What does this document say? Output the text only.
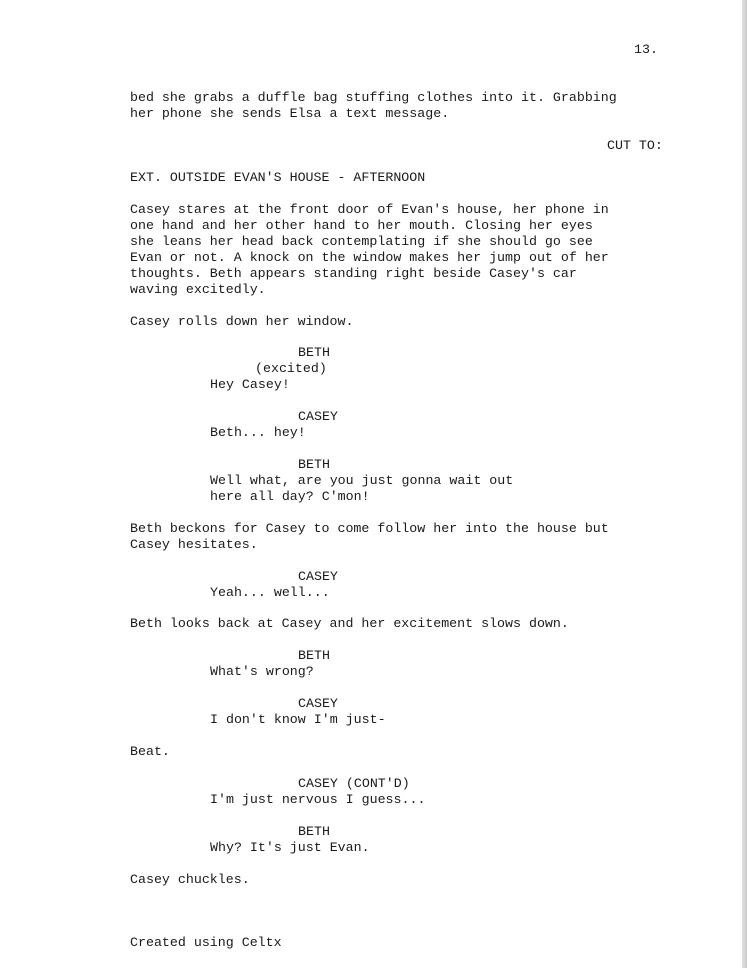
13.

bed she grabs a duffle bag stuffing clothes into it. Grabbing

her phone she sends Elsa a text message.

CUT TO:

EXT. OUTSIDE EVAN'S HOUSE - AFTERNOON

Casey stares at the front door of Evan's house, her phone in

one hand and her other hand to her mouth. Closing her eyes

she leans her head back contemplating if she should go see

Evan or not. A knock on the window makes her jump out of her

thoughts. Beth appears standing right beside Casey's car

waving excitedly.

Casey rolls down her window.

BETH

(excited)

Hey Casey!

CASEY

Beth... hey!

BETH

Well what, are you just gonna wait out

here all day? C'mon!

Beth beckons for Casey to come follow her into the house but

Casey hesitates.

CASEY

Yeah... well...

Beth looks back at Casey and her excitement slows down.

BETH

What's wrong?

CASEY

I don't know I'm just-

Beat.

CASEY (CONT'D)

I'm just nervous I guess...

BETH

Why? It's just Evan.

Casey chuckles.

Created using Celtx
